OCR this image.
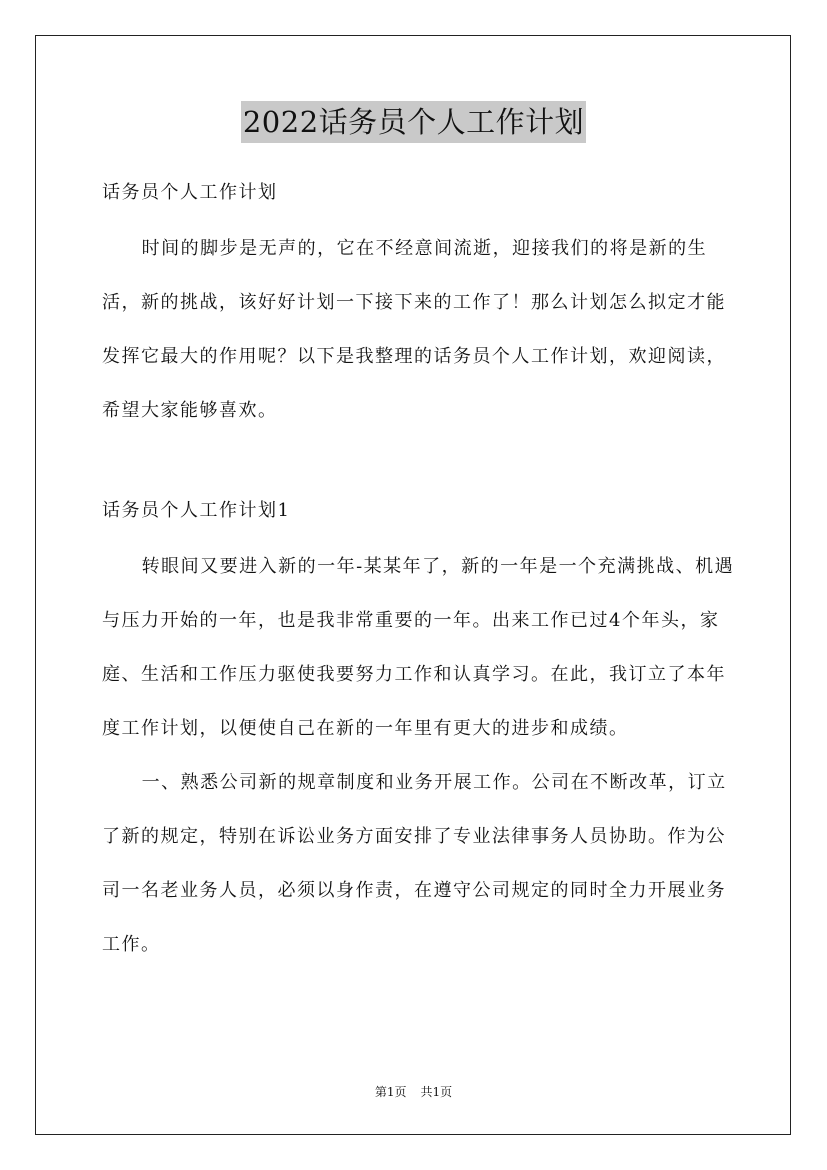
2022话务员个人工作计划

话务员个人工作计划

时间的脚步是无声的，它在不经意间流逝，迎接我们的将是新的生活，新的挑战，该好好计划一下接下来的工作了！那么计划怎么拟定才能发挥它最大的作用呢？以下是我整理的话务员个人工作计划，欢迎阅读，希望大家能够喜欢。

话务员个人工作计划1

转眼间又要进入新的一年-某某年了，新的一年是一个充满挑战、机遇与压力开始的一年，也是我非常重要的一年。出来工作已过4个年头，家庭、生活和工作压力驱使我要努力工作和认真学习。在此，我订立了本年度工作计划，以便使自己在新的一年里有更大的进步和成绩。

一、熟悉公司新的规章制度和业务开展工作。公司在不断改革，订立了新的规定，特别在诉讼业务方面安排了专业法律事务人员协助。作为公司一名老业务人员，必须以身作责，在遵守公司规定的同时全力开展业务工作。

第1页 共1页
